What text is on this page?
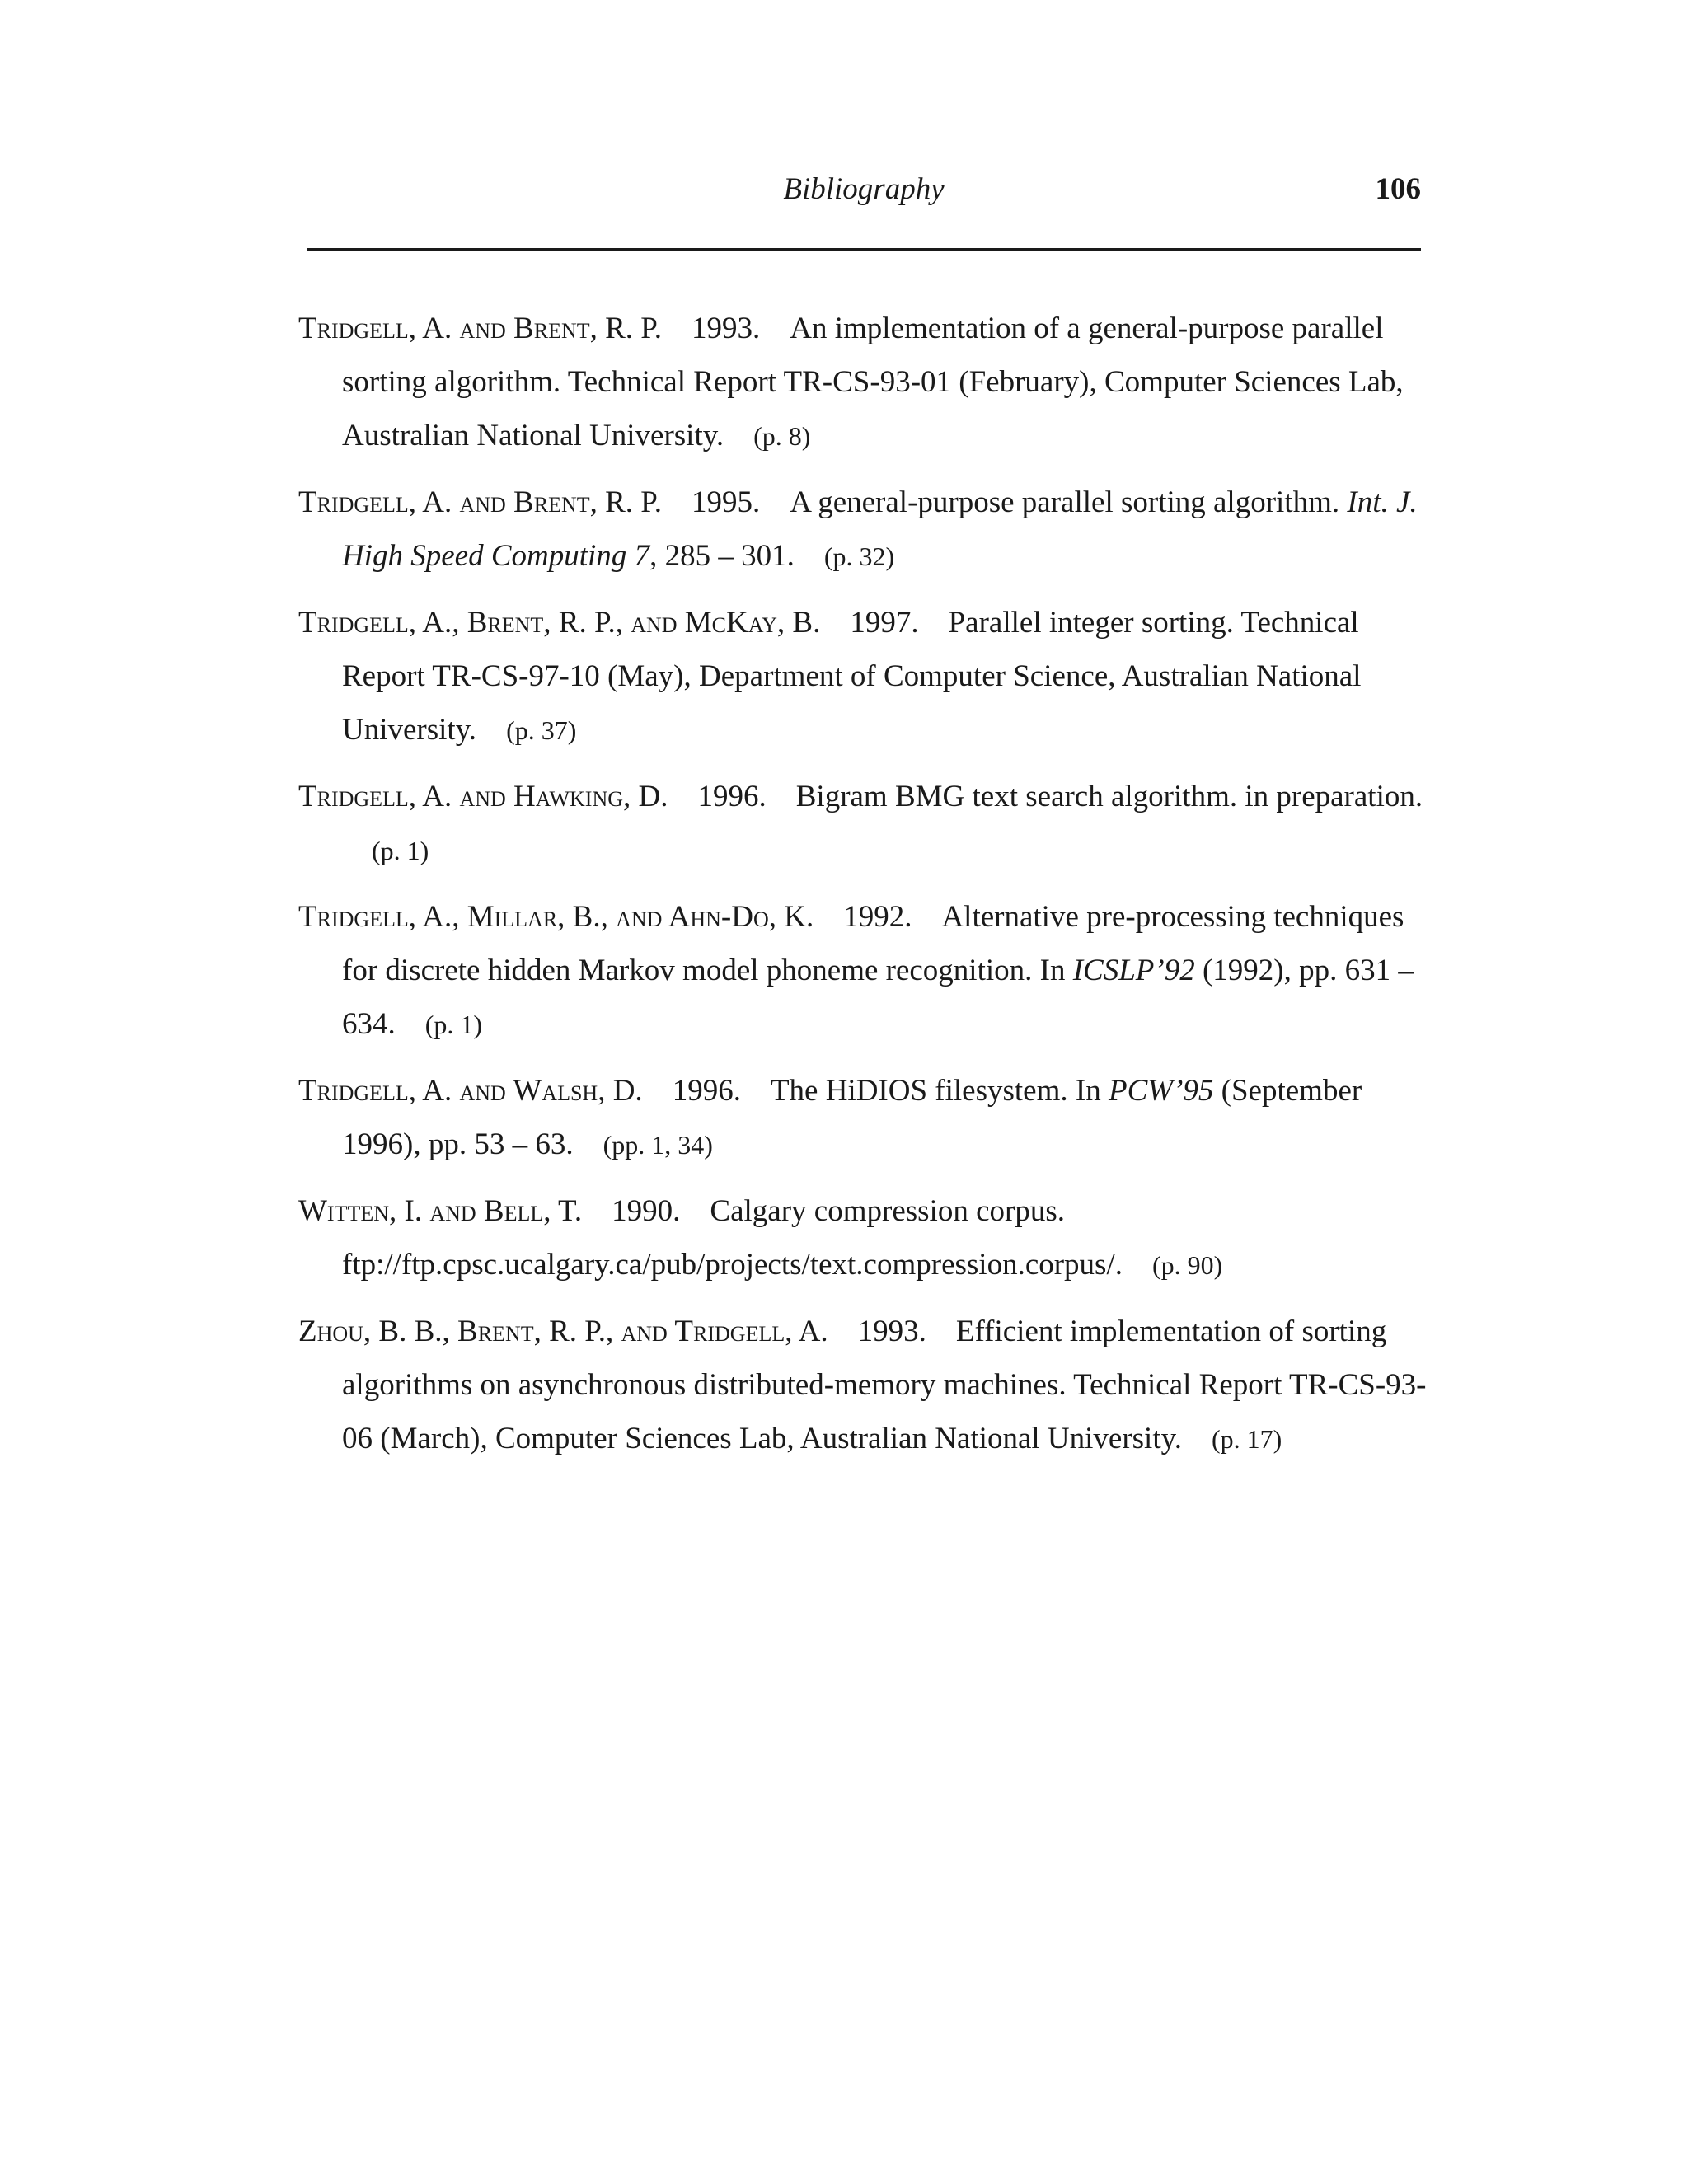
Bibliography	106

Tridgell, A. and Brent, R. P. 1993. An implementation of a general-purpose parallel sorting algorithm. Technical Report TR-CS-93-01 (February), Computer Sciences Lab, Australian National University. (p. 8)

Tridgell, A. and Brent, R. P. 1995. A general-purpose parallel sorting algorithm. Int. J. High Speed Computing 7, 285 – 301. (p. 32)

Tridgell, A., Brent, R. P., and McKay, B. 1997. Parallel integer sorting. Technical Report TR-CS-97-10 (May), Department of Computer Science, Australian National University. (p. 37)

Tridgell, A. and Hawking, D. 1996. Bigram BMG text search algorithm. in preparation.(p. 1)

Tridgell, A., Millar, B., and Ahn-Do, K. 1992. Alternative pre-processing techniques for discrete hidden Markov model phoneme recognition. In ICSLP’92 (1992), pp. 631 – 634. (p. 1)

Tridgell, A. and Walsh, D. 1996. The HiDIOS filesystem. In PCW’95 (September 1996), pp. 53 – 63. (pp. 1, 34)

Witten, I. and Bell, T. 1990. Calgary compression corpus. ftp://ftp.cpsc.ucalgary.ca/pub/projects/text.compression.corpus/. (p. 90)

Zhou, B. B., Brent, R. P., and Tridgell, A. 1993. Efficient implementation of sorting algorithms on asynchronous distributed-memory machines. Technical Report TR-CS-93-06 (March), Computer Sciences Lab, Australian National University. (p. 17)
